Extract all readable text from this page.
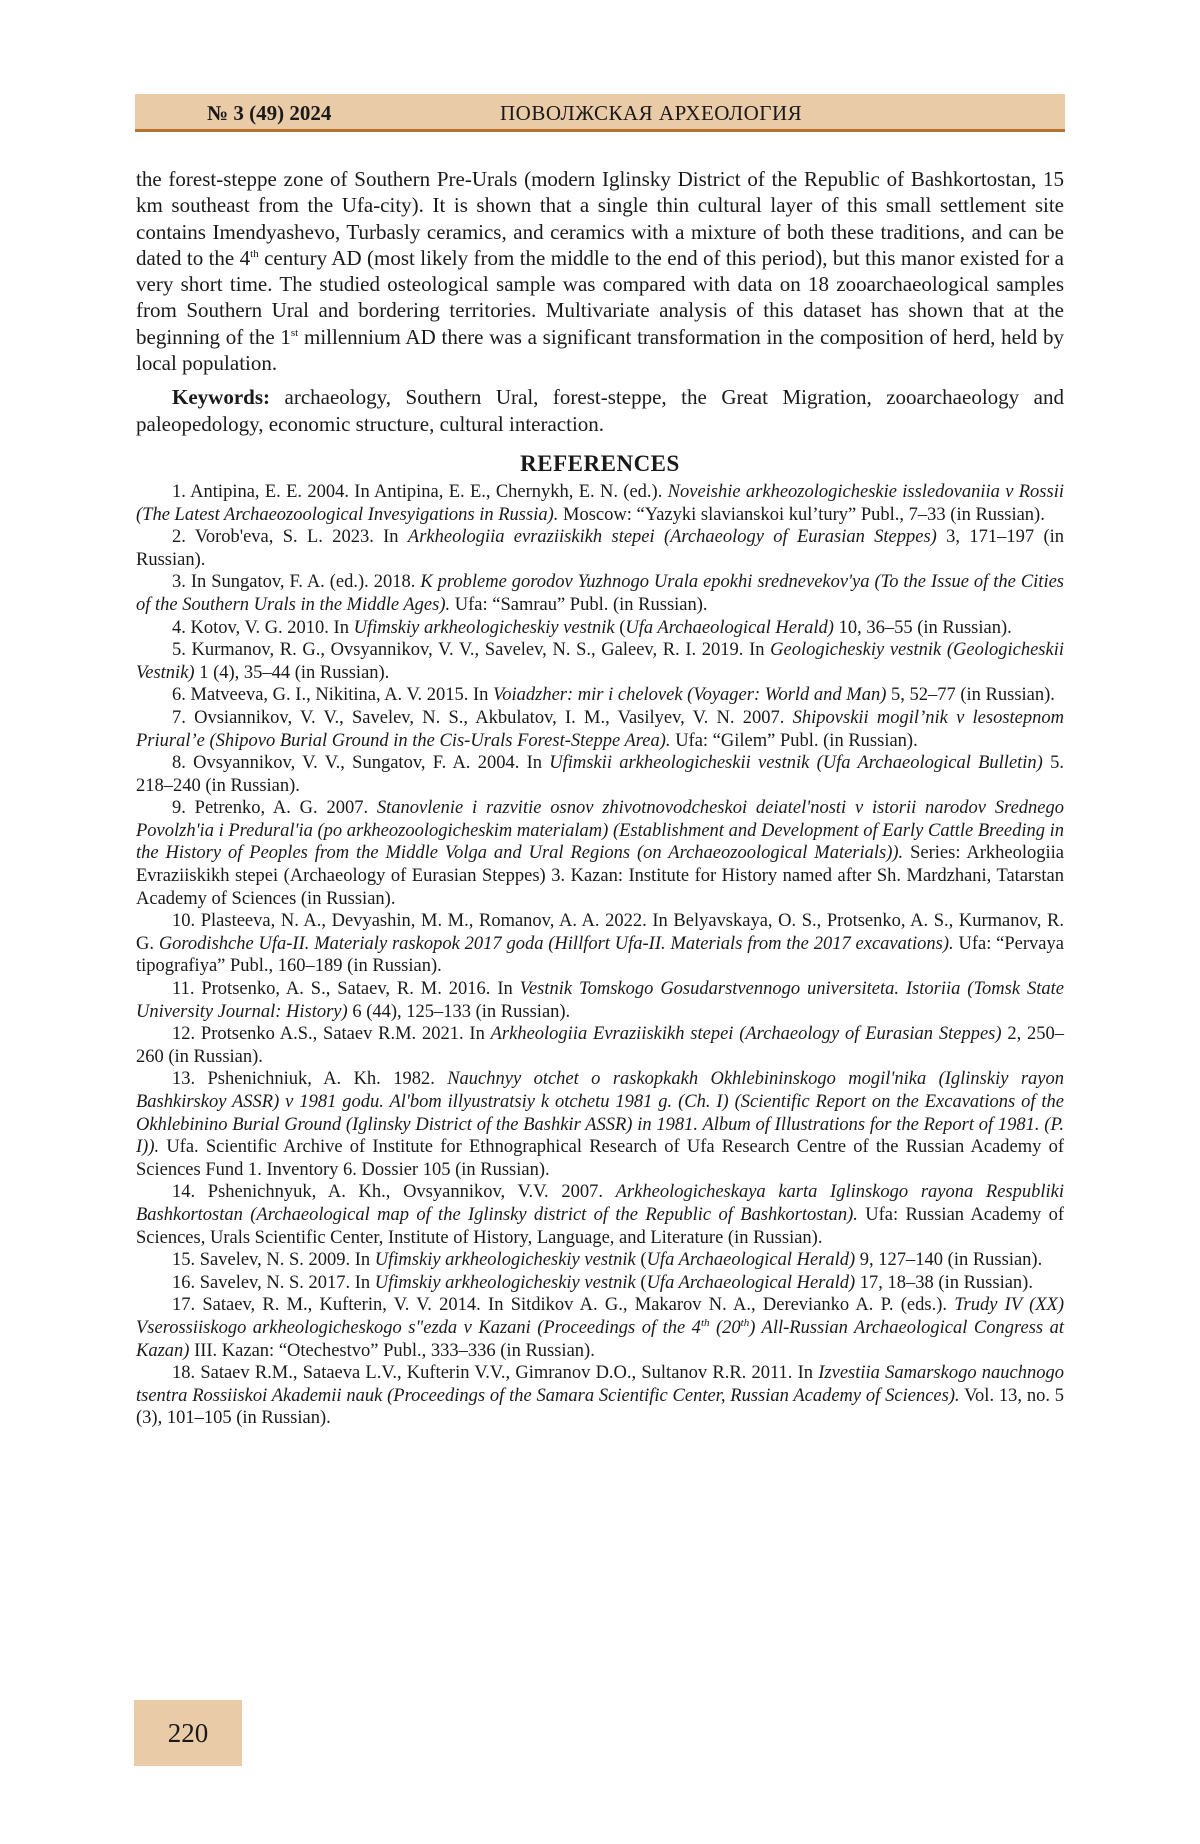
№ 3 (49) 2024	ПОВОЛЖСКАЯ АРХЕОЛОГИЯ

the forest-steppe zone of Southern Pre-Urals (modern Iglinsky District of the Republic of Bashkortostan, 15 km southeast from the Ufa-city). It is shown that a single thin cultural layer of this small settlement site contains Imendyashevo, Turbasly ceramics, and ceramics with a mixture of both these traditions, and can be dated to the 4th century AD (most likely from the middle to the end of this period), but this manor existed for a very short time. The studied osteological sample was compared with data on 18 zooarchaeological samples from Southern Ural and bordering territories. Multivariate analysis of this dataset has shown that at the beginning of the 1st millennium AD there was a significant transformation in the composition of herd, held by local population.

Keywords: archaeology, Southern Ural, forest-steppe, the Great Migration, zooarchaeology and paleopedology, economic structure, cultural interaction.

REFERENCES

1. Antipina, E. E. 2004. In Antipina, E. E., Chernykh, E. N. (ed.). Noveishie arkheozologicheskie issledovaniia v Rossii (The Latest Archaeozoological Invesyigations in Russia). Moscow: “Yazyki slavianskoi kul’tury” Publ., 7–33 (in Russian).

2. Vorob'eva, S. L. 2023. In Arkheologiia evraziiskikh stepei (Archaeology of Eurasian Steppes) 3, 171–197 (in Russian).

3. In Sungatov, F. A. (ed.). 2018. K probleme gorodov Yuzhnogo Urala epokhi srednevekov'ya (To the Issue of the Cities of the Southern Urals in the Middle Ages). Ufa: “Samrau” Publ. (in Russian).

4. Kotov, V. G. 2010. In Ufimskiy arkheologicheskiy vestnik (Ufa Archaeological Herald) 10, 36–55 (in Russian).

5. Kurmanov, R. G., Ovsyannikov, V. V., Savelev, N. S., Galeev, R. I. 2019. In Geologicheskiy vestnik (Geologicheskii Vestnik) 1 (4), 35–44 (in Russian).

6. Matveeva, G. I., Nikitina, A. V. 2015. In Voiadzher: mir i chelovek (Voyager: World and Man) 5, 52–77 (in Russian).

7. Ovsiannikov, V. V., Savelev, N. S., Akbulatov, I. M., Vasilyev, V. N. 2007. Shipovskii mogil’nik v lesostepnom Priural’e (Shipovo Burial Ground in the Cis-Urals Forest-Steppe Area). Ufa: “Gilem” Publ. (in Russian).

8. Ovsyannikov, V. V., Sungatov, F. A. 2004. In Ufimskii arkheologicheskii vestnik (Ufa Archaeological Bulletin) 5. 218–240 (in Russian).

9. Petrenko, A. G. 2007. Stanovlenie i razvitie osnov zhivotnovodcheskoi deiatel'nosti v istorii narodov Srednego Povolzh'ia i Predural'ia (po arkheozoologicheskim materialam) (Establishment and Development of Early Cattle Breeding in the History of Peoples from the Middle Volga and Ural Regions (on Archaeozoological Materials)). Series: Arkheologiia Evraziiskikh stepei (Archaeology of Eurasian Steppes) 3. Kazan: Institute for History named after Sh. Mardzhani, Tatarstan Academy of Sciences (in Russian).

10. Plasteeva, N. A., Devyashin, M. M., Romanov, A. A. 2022. In Belyavskaya, O. S., Protsenko, A. S., Kurmanov, R. G. Gorodishche Ufa-II. Materialy raskopok 2017 goda (Hillfort Ufa-II. Materials from the 2017 excavations). Ufa: “Pervaya tipografiya” Publ., 160–189 (in Russian).

11. Protsenko, A. S., Sataev, R. M. 2016. In Vestnik Tomskogo Gosudarstvennogo universiteta. Istoriia (Tomsk State University Journal: History) 6 (44), 125–133 (in Russian).

12. Protsenko A.S., Sataev R.M. 2021. In Arkheologiia Evraziiskikh stepei (Archaeology of Eurasian Steppes) 2, 250–260 (in Russian).

13. Pshenichniuk, A. Kh. 1982. Nauchnyy otchet o raskopkakh Okhlebininskogo mogil'nika (Iglinskiy rayon Bashkirskoy ASSR) v 1981 godu. Al'bom illyustratsiy k otchetu 1981 g. (Ch. I) (Scientific Report on the Excavations of the Okhlebinino Burial Ground (Iglinsky District of the Bashkir ASSR) in 1981. Album of Illustrations for the Report of 1981. (P. I)). Ufa. Scientific Archive of Institute for Ethnographical Research of Ufa Research Centre of the Russian Academy of Sciences Fund 1. Inventory 6. Dossier 105 (in Russian).

14. Pshenichnyuk, A. Kh., Ovsyannikov, V.V. 2007. Arkheologicheskaya karta Iglinskogo rayona Respubliki Bashkortostan (Archaeological map of the Iglinsky district of the Republic of Bashkortostan). Ufa: Russian Academy of Sciences, Urals Scientific Center, Institute of History, Language, and Literature (in Russian).

15. Savelev, N. S. 2009. In Ufimskiy arkheologicheskiy vestnik (Ufa Archaeological Herald) 9, 127–140 (in Russian).

16. Savelev, N. S. 2017. In Ufimskiy arkheologicheskiy vestnik (Ufa Archaeological Herald) 17, 18–38 (in Russian).

17. Sataev, R. M., Kufterin, V. V. 2014. In Sitdikov A. G., Makarov N. A., Derevianko A. P. (eds.). Trudy IV (XX) Vserossiiskogo arkheologicheskogo s"ezda v Kazani (Proceedings of the 4th (20th) All-Russian Archaeological Congress at Kazan) III. Kazan: “Otechestvo” Publ., 333–336 (in Russian).

18. Sataev R.M., Sataeva L.V., Kufterin V.V., Gimranov D.O., Sultanov R.R. 2011. In Izvestiia Samarskogo nauchnogo tsentra Rossiiskoi Akademii nauk (Proceedings of the Samara Scientific Center, Russian Academy of Sciences). Vol. 13, no. 5 (3), 101–105 (in Russian).

220
